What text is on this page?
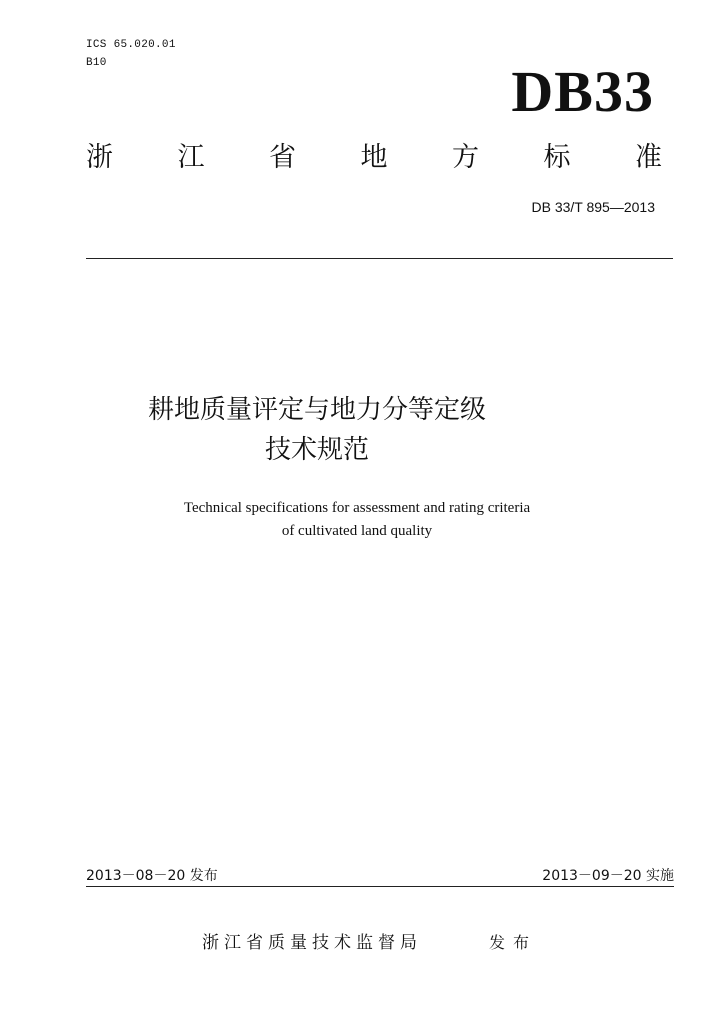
ICS 65.020.01
B10	DB33
浙 江 省 地 方 标 准
DB 33/T 895—2013
耕地质量评定与地力分等定级
技术规范
Technical specifications for assessment and rating criteria
of cultivated land quality
2013－08－20 发布	2013－09－20 实施
浙江省质量技术监督局	发布
